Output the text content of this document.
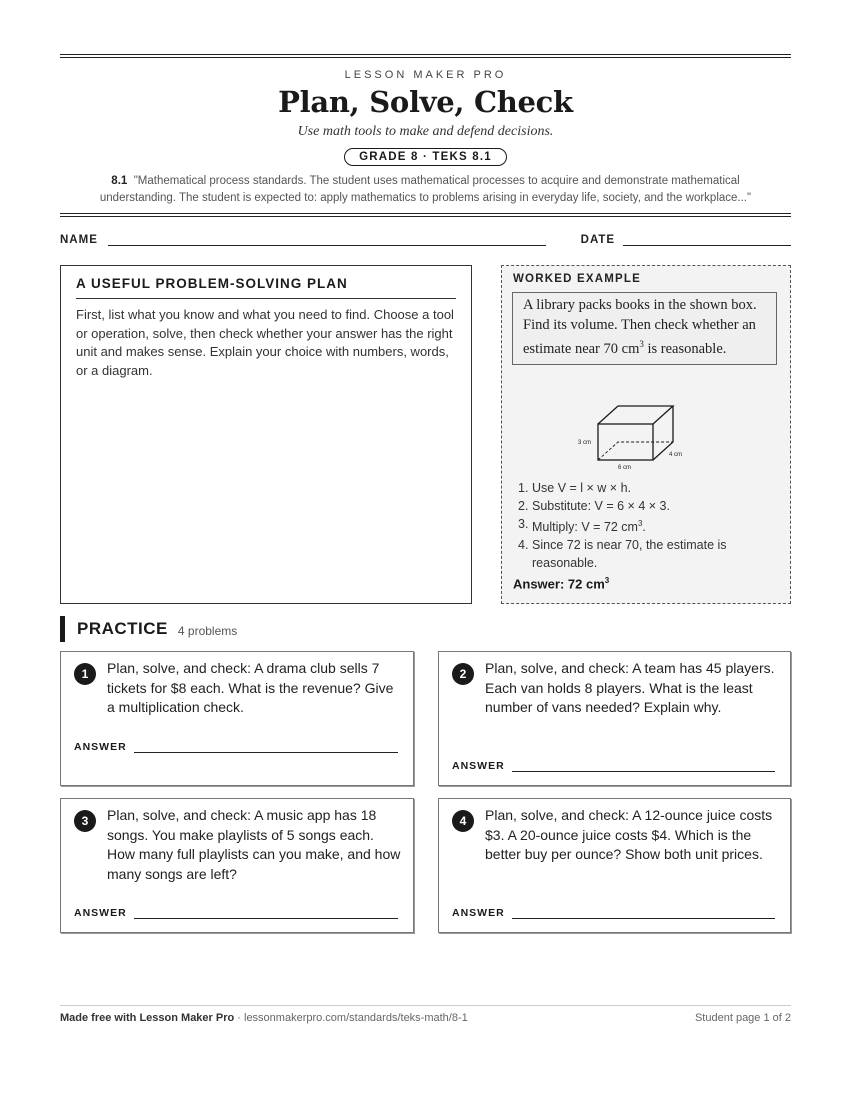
LESSON MAKER PRO
Plan, Solve, Check
Use math tools to make and defend decisions.
GRADE 8 · TEKS 8.1
8.1 "Mathematical process standards. The student uses mathematical processes to acquire and demonstrate mathematical understanding. The student is expected to: apply mathematics to problems arising in everyday life, society, and the workplace..."
NAME	DATE
A USEFUL PROBLEM-SOLVING PLAN
First, list what you know and what you need to find. Choose a tool or operation, solve, then check whether your answer has the right unit and makes sense. Explain your choice with numbers, words, or a diagram.
WORKED EXAMPLE
A library packs books in the shown box. Find its volume. Then check whether an estimate near 70 $cm^3$ is reasonable.
3 cm
6 cm
4 cm
1. Use V = l × w × h.
2. Substitute: V = 6 × 4 × 3.
3. Multiply: V = 72 $cm^3$.
4. Since 72 is near 70, the estimate is reasonable.
Answer: 72 $cm^3$
PRACTICE 4 problems
1	Plan, solve, and check: A drama club sells 7 tickets for $8 each. What is the revenue? Give a multiplication check.
ANSWER
2	Plan, solve, and check: A team has 45 players. Each van holds 8 players. What is the least number of vans needed? Explain why.
ANSWER
3	Plan, solve, and check: A music app has 18 songs. You make playlists of 5 songs each. How many full playlists can you make, and how many songs are left?
ANSWER
4	Plan, solve, and check: A 12-ounce juice costs $3. A 20-ounce juice costs $4. Which is the better buy per ounce? Show both unit prices.
ANSWER
Made free with Lesson Maker Pro · lessonmakerpro.com/standards/teks-math/8-1	Student page 1 of 2
